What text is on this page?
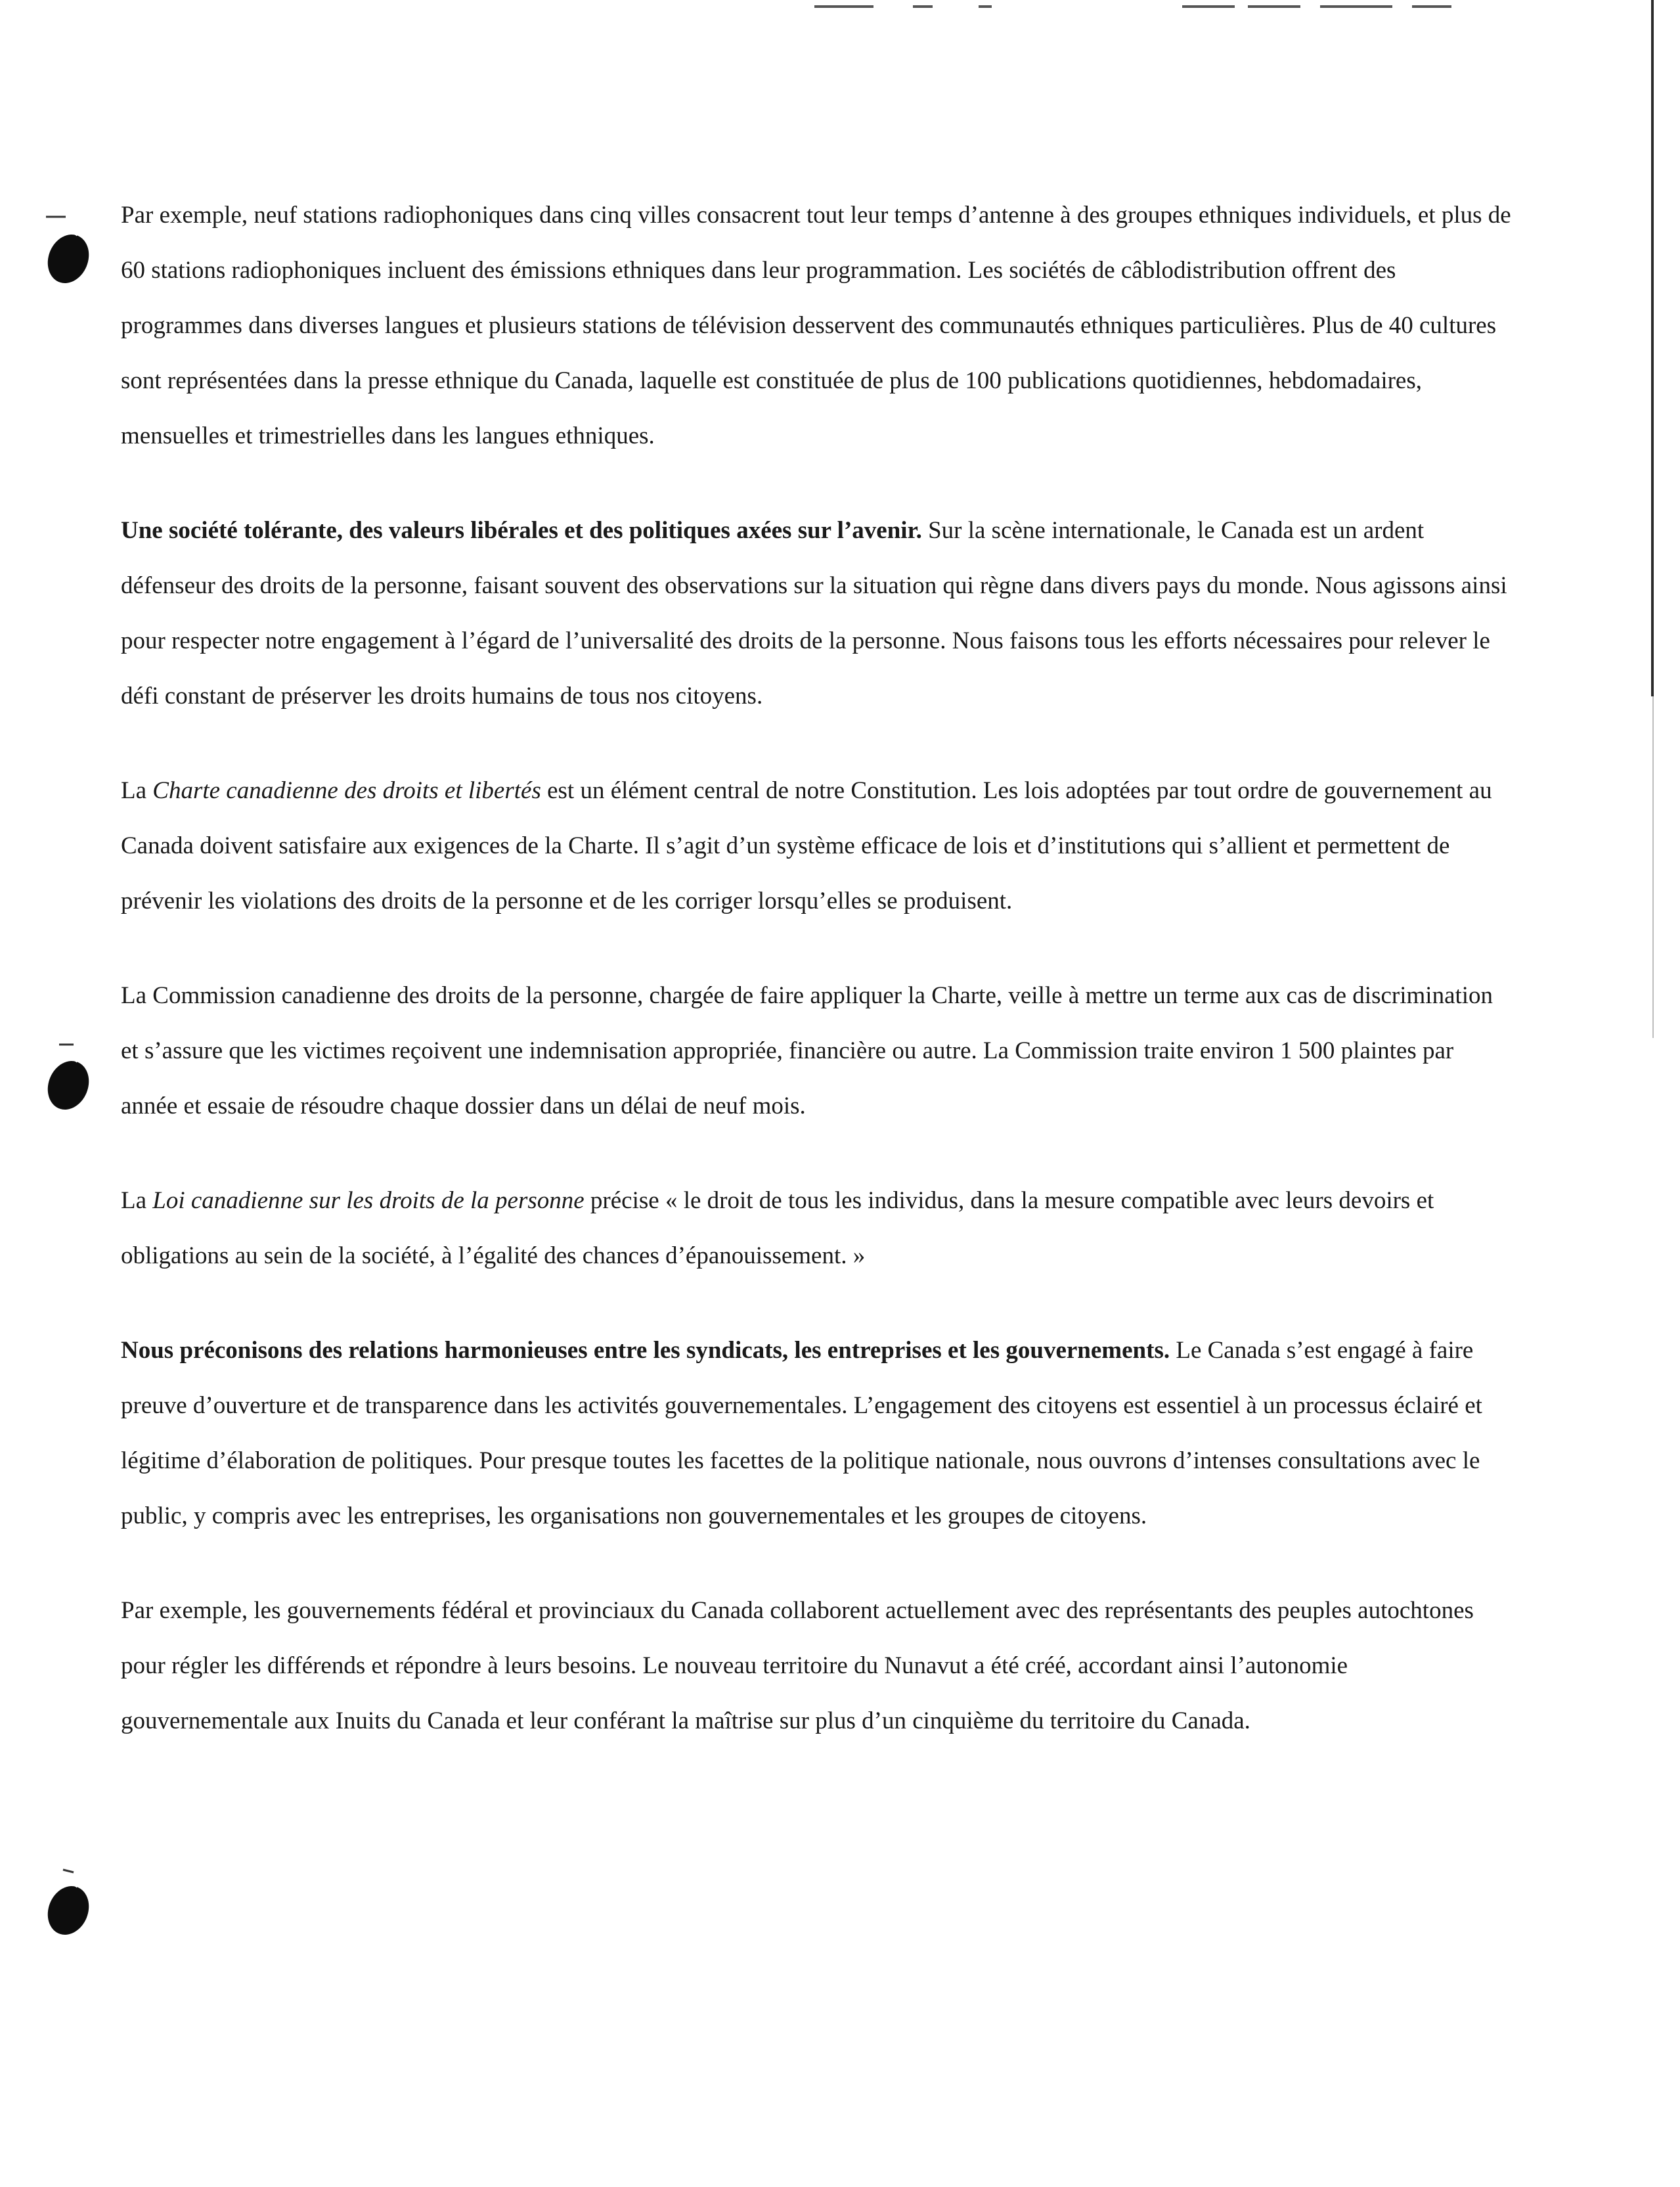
Par exemple, neuf stations radiophoniques dans cinq villes consacrent tout leur temps d’antenne à des groupes ethniques individuels, et plus de 60 stations radiophoniques incluent des émissions ethniques dans leur programmation. Les sociétés de câblodistribution offrent des programmes dans diverses langues et plusieurs stations de télévision desservent des communautés ethniques particulières. Plus de 40 cultures sont représentées dans la presse ethnique du Canada, laquelle est constituée de plus de 100 publications quotidiennes, hebdomadaires, mensuelles et trimestrielles dans les langues ethniques.

Une société tolérante, des valeurs libérales et des politiques axées sur l’avenir. Sur la scène internationale, le Canada est un ardent défenseur des droits de la personne, faisant souvent des observations sur la situation qui règne dans divers pays du monde. Nous agissons ainsi pour respecter notre engagement à l’égard de l’universalité des droits de la personne. Nous faisons tous les efforts nécessaires pour relever le défi constant de préserver les droits humains de tous nos citoyens.

La Charte canadienne des droits et libertés est un élément central de notre Constitution. Les lois adoptées par tout ordre de gouvernement au Canada doivent satisfaire aux exigences de la Charte. Il s’agit d’un système efficace de lois et d’institutions qui s’allient et permettent de prévenir les violations des droits de la personne et de les corriger lorsqu’elles se produisent.

La Commission canadienne des droits de la personne, chargée de faire appliquer la Charte, veille à mettre un terme aux cas de discrimination et s’assure que les victimes reçoivent une indemnisation appropriée, financière ou autre. La Commission traite environ 1 500 plaintes par année et essaie de résoudre chaque dossier dans un délai de neuf mois.

La Loi canadienne sur les droits de la personne précise « le droit de tous les individus, dans la mesure compatible avec leurs devoirs et obligations au sein de la société, à l’égalité des chances d’épanouissement. »

Nous préconisons des relations harmonieuses entre les syndicats, les entreprises et les gouvernements. Le Canada s’est engagé à faire preuve d’ouverture et de transparence dans les activités gouvernementales. L’engagement des citoyens est essentiel à un processus éclairé et légitime d’élaboration de politiques. Pour presque toutes les facettes de la politique nationale, nous ouvrons d’intenses consultations avec le public, y compris avec les entreprises, les organisations non gouvernementales et les groupes de citoyens.

Par exemple, les gouvernements fédéral et provinciaux du Canada collaborent actuellement avec des représentants des peuples autochtones pour régler les différends et répondre à leurs besoins. Le nouveau territoire du Nunavut a été créé, accordant ainsi l’autonomie gouvernementale aux Inuits du Canada et leur conférant la maîtrise sur plus d’un cinquième du territoire du Canada.
